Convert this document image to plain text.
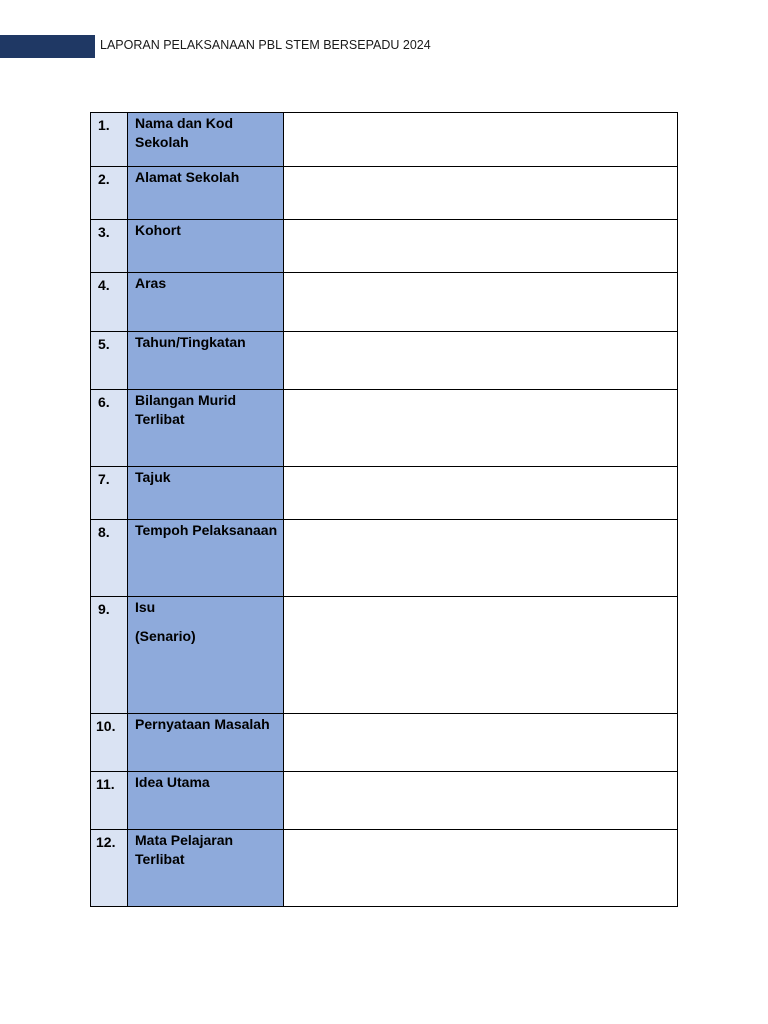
LAPORAN PELAKSANAAN PBL STEM BERSEPADU 2024
1.	Nama dan Kod Sekolah	

2.	Alamat Sekolah	

3.	Kohort	

4.	Aras	

5.	Tahun/Tingkatan	

6.	Bilangan Murid Terlibat	

7.	Tajuk	

8.	Tempoh Pelaksanaan	

9.	Isu
(Senario)	

10.	Pernyataan Masalah	

11.	Idea Utama	

12.	Mata Pelajaran Terlibat	
